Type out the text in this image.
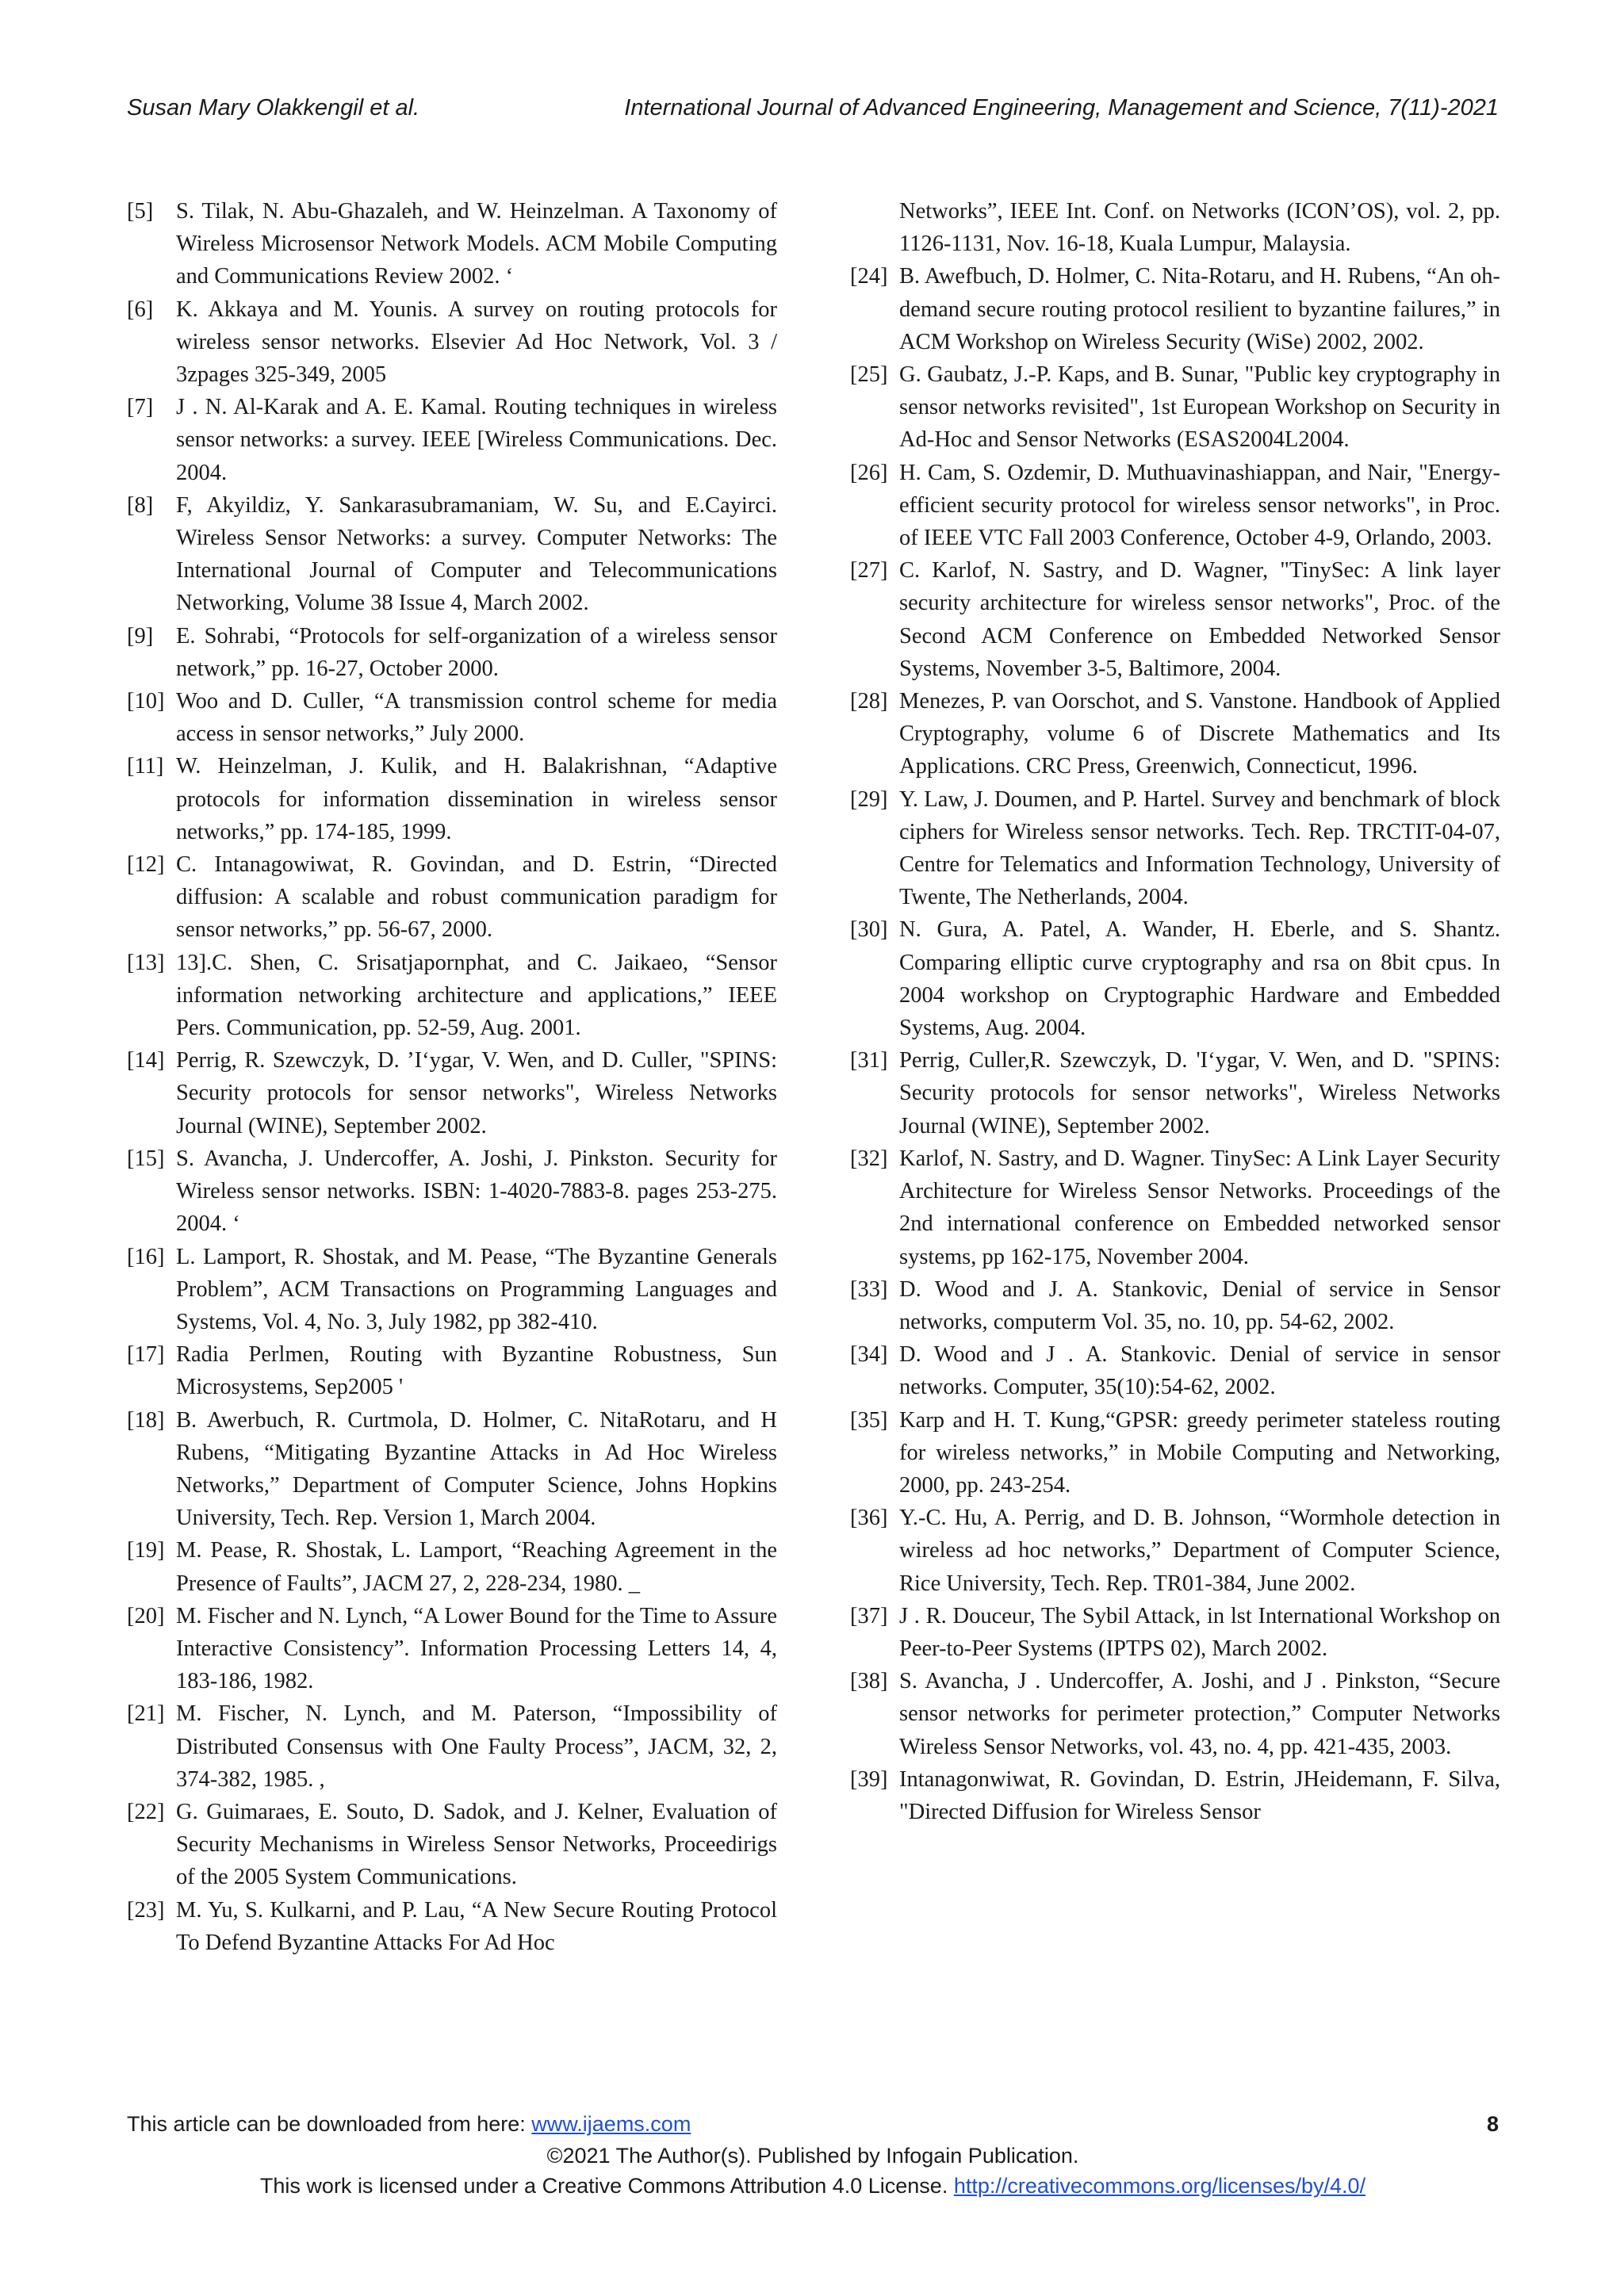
Susan Mary Olakkengil et al.	International Journal of Advanced Engineering, Management and Science, 7(11)-2021
[5] S. Tilak, N. Abu-Ghazaleh, and W. Heinzelman. A Taxonomy of Wireless Microsensor Network Models. ACM Mobile Computing and Communications Review 2002. ‘
[6] K. Akkaya and M. Younis. A survey on routing protocols for wireless sensor networks. Elsevier Ad Hoc Network, Vol. 3 / 3zpages 325-349, 2005
[7] J . N. Al-Karak and A. E. Kamal. Routing techniques in wireless sensor networks: a survey. IEEE [Wireless Communications. Dec. 2004.
[8] F, Akyildiz, Y. Sankarasubramaniam, W. Su, and E.Cayirci. Wireless Sensor Networks: a survey. Computer Networks: The International Journal of Computer and Telecommunications Networking, Volume 38 Issue 4, March 2002.
[9] E. Sohrabi, “Protocols for self-organization of a wireless sensor network,” pp. 16-27, October 2000.
[10] Woo and D. Culler, “A transmission control scheme for media access in sensor networks,” July 2000.
[11] W. Heinzelman, J. Kulik, and H. Balakrishnan, “Adaptive protocols for information dissemination in wireless sensor networks,” pp. 174-185, 1999.
[12] C. Intanagowiwat, R. Govindan, and D. Estrin, “Directed diffusion: A scalable and robust communication paradigm for sensor networks,” pp. 56-67, 2000.
[13] 13].C. Shen, C. Srisatjapornphat, and C. Jaikaeo, “Sensor information networking architecture and applications,” IEEE Pers. Communication, pp. 52-59, Aug. 2001.
[14] Perrig, R. Szewczyk, D. ’I‘ygar, V. Wen, and D. Culler, "SPINS: Security protocols for sensor networks", Wireless Networks Journal (WINE), September 2002.
[15] S. Avancha, J. Undercoffer, A. Joshi, J. Pinkston. Security for Wireless sensor networks. ISBN: 1-4020-7883-8. pages 253-275. 2004. ‘
[16] L. Lamport, R. Shostak, and M. Pease, “The Byzantine Generals Problem”, ACM Transactions on Programming Languages and Systems, Vol. 4, No. 3, July 1982, pp 382-410.
[17] Radia Perlmen, Routing with Byzantine Robustness, Sun Microsystems, Sep2005 '
[18] B. Awerbuch, R. Curtmola, D. Holmer, C. NitaRotaru, and H Rubens, “Mitigating Byzantine Attacks in Ad Hoc Wireless Networks,” Department of Computer Science, Johns Hopkins University, Tech. Rep. Version 1, March 2004.
[19] M. Pease, R. Shostak, L. Lamport, “Reaching Agreement in the Presence of Faults”, JACM 27, 2, 228-234, 1980. _
[20] M. Fischer and N. Lynch, “A Lower Bound for the Time to Assure Interactive Consistency”. Information Processing Letters 14, 4, 183-186, 1982.
[21] M. Fischer, N. Lynch, and M. Paterson, “Impossibility of Distributed Consensus with One Faulty Process”, JACM, 32, 2, 374-382, 1985. ,
[22] G. Guimaraes, E. Souto, D. Sadok, and J. Kelner, Evaluation of Security Mechanisms in Wireless Sensor Networks, Proceedirigs of the 2005 System Communications.
[23] M. Yu, S. Kulkarni, and P. Lau, “A New Secure Routing Protocol To Defend Byzantine Attacks For Ad Hoc
Networks”, IEEE Int. Conf. on Networks (ICON’OS), vol. 2, pp. 1126-1131, Nov. 16-18, Kuala Lumpur, Malaysia.
[24] B. Awefbuch, D. Holmer, C. Nita-Rotaru, and H. Rubens, “An oh-demand secure routing protocol resilient to byzantine failures,” in ACM Workshop on Wireless Security (WiSe) 2002, 2002.
[25] G. Gaubatz, J.-P. Kaps, and B. Sunar, "Public key cryptography in sensor networks revisited", 1st European Workshop on Security in Ad-Hoc and Sensor Networks (ESAS2004L2004.
[26] H. Cam, S. Ozdemir, D. Muthuavinashiappan, and Nair, "Energy-efficient security protocol for wireless sensor networks", in Proc. of IEEE VTC Fall 2003 Conference, October 4-9, Orlando, 2003.
[27] C. Karlof, N. Sastry, and D. Wagner, "TinySec: A link layer security architecture for wireless sensor networks", Proc. of the Second ACM Conference on Embedded Networked Sensor Systems, November 3-5, Baltimore, 2004.
[28] Menezes, P. van Oorschot, and S. Vanstone. Handbook of Applied Cryptography, volume 6 of Discrete Mathematics and Its Applications. CRC Press, Greenwich, Connecticut, 1996.
[29] Y. Law, J. Doumen, and P. Hartel. Survey and benchmark of block ciphers for Wireless sensor networks. Tech. Rep. TRCTIT-04-07, Centre for Telematics and Information Technology, University of Twente, The Netherlands, 2004.
[30] N. Gura, A. Patel, A. Wander, H. Eberle, and S. Shantz. Comparing elliptic curve cryptography and rsa on 8bit cpus. In 2004 workshop on Cryptographic Hardware and Embedded Systems, Aug. 2004.
[31] Perrig, Culler,R. Szewczyk, D. 'I‘ygar, V. Wen, and D. "SPINS: Security protocols for sensor networks", Wireless Networks Journal (WINE), September 2002.
[32] Karlof, N. Sastry, and D. Wagner. TinySec: A Link Layer Security Architecture for Wireless Sensor Networks. Proceedings of the 2nd international conference on Embedded networked sensor systems, pp 162-175, November 2004.
[33] D. Wood and J. A. Stankovic, Denial of service in Sensor networks, computerm Vol. 35, no. 10, pp. 54-62, 2002.
[34] D. Wood and J . A. Stankovic. Denial of service in sensor networks. Computer, 35(10):54-62, 2002.
[35] Karp and H. T. Kung,“GPSR: greedy perimeter stateless routing for wireless networks,” in Mobile Computing and Networking, 2000, pp. 243-254.
[36] Y.-C. Hu, A. Perrig, and D. B. Johnson, “Wormhole detection in wireless ad hoc networks,” Department of Computer Science, Rice University, Tech. Rep. TR01-384, June 2002.
[37] J . R. Douceur, The Sybil Attack, in lst International Workshop on Peer-to-Peer Systems (IPTPS 02), March 2002.
[38] S. Avancha, J . Undercoffer, A. Joshi, and J . Pinkston, “Secure sensor networks for perimeter protection,” Computer Networks Wireless Sensor Networks, vol. 43, no. 4, pp. 421-435, 2003.
[39] Intanagonwiwat, R. Govindan, D. Estrin, JHeidemann, F. Silva, "Directed Diffusion for Wireless Sensor
This article can be downloaded from here: www.ijaems.com	8
©2021 The Author(s). Published by Infogain Publication.
This work is licensed under a Creative Commons Attribution 4.0 License. http://creativecommons.org/licenses/by/4.0/
